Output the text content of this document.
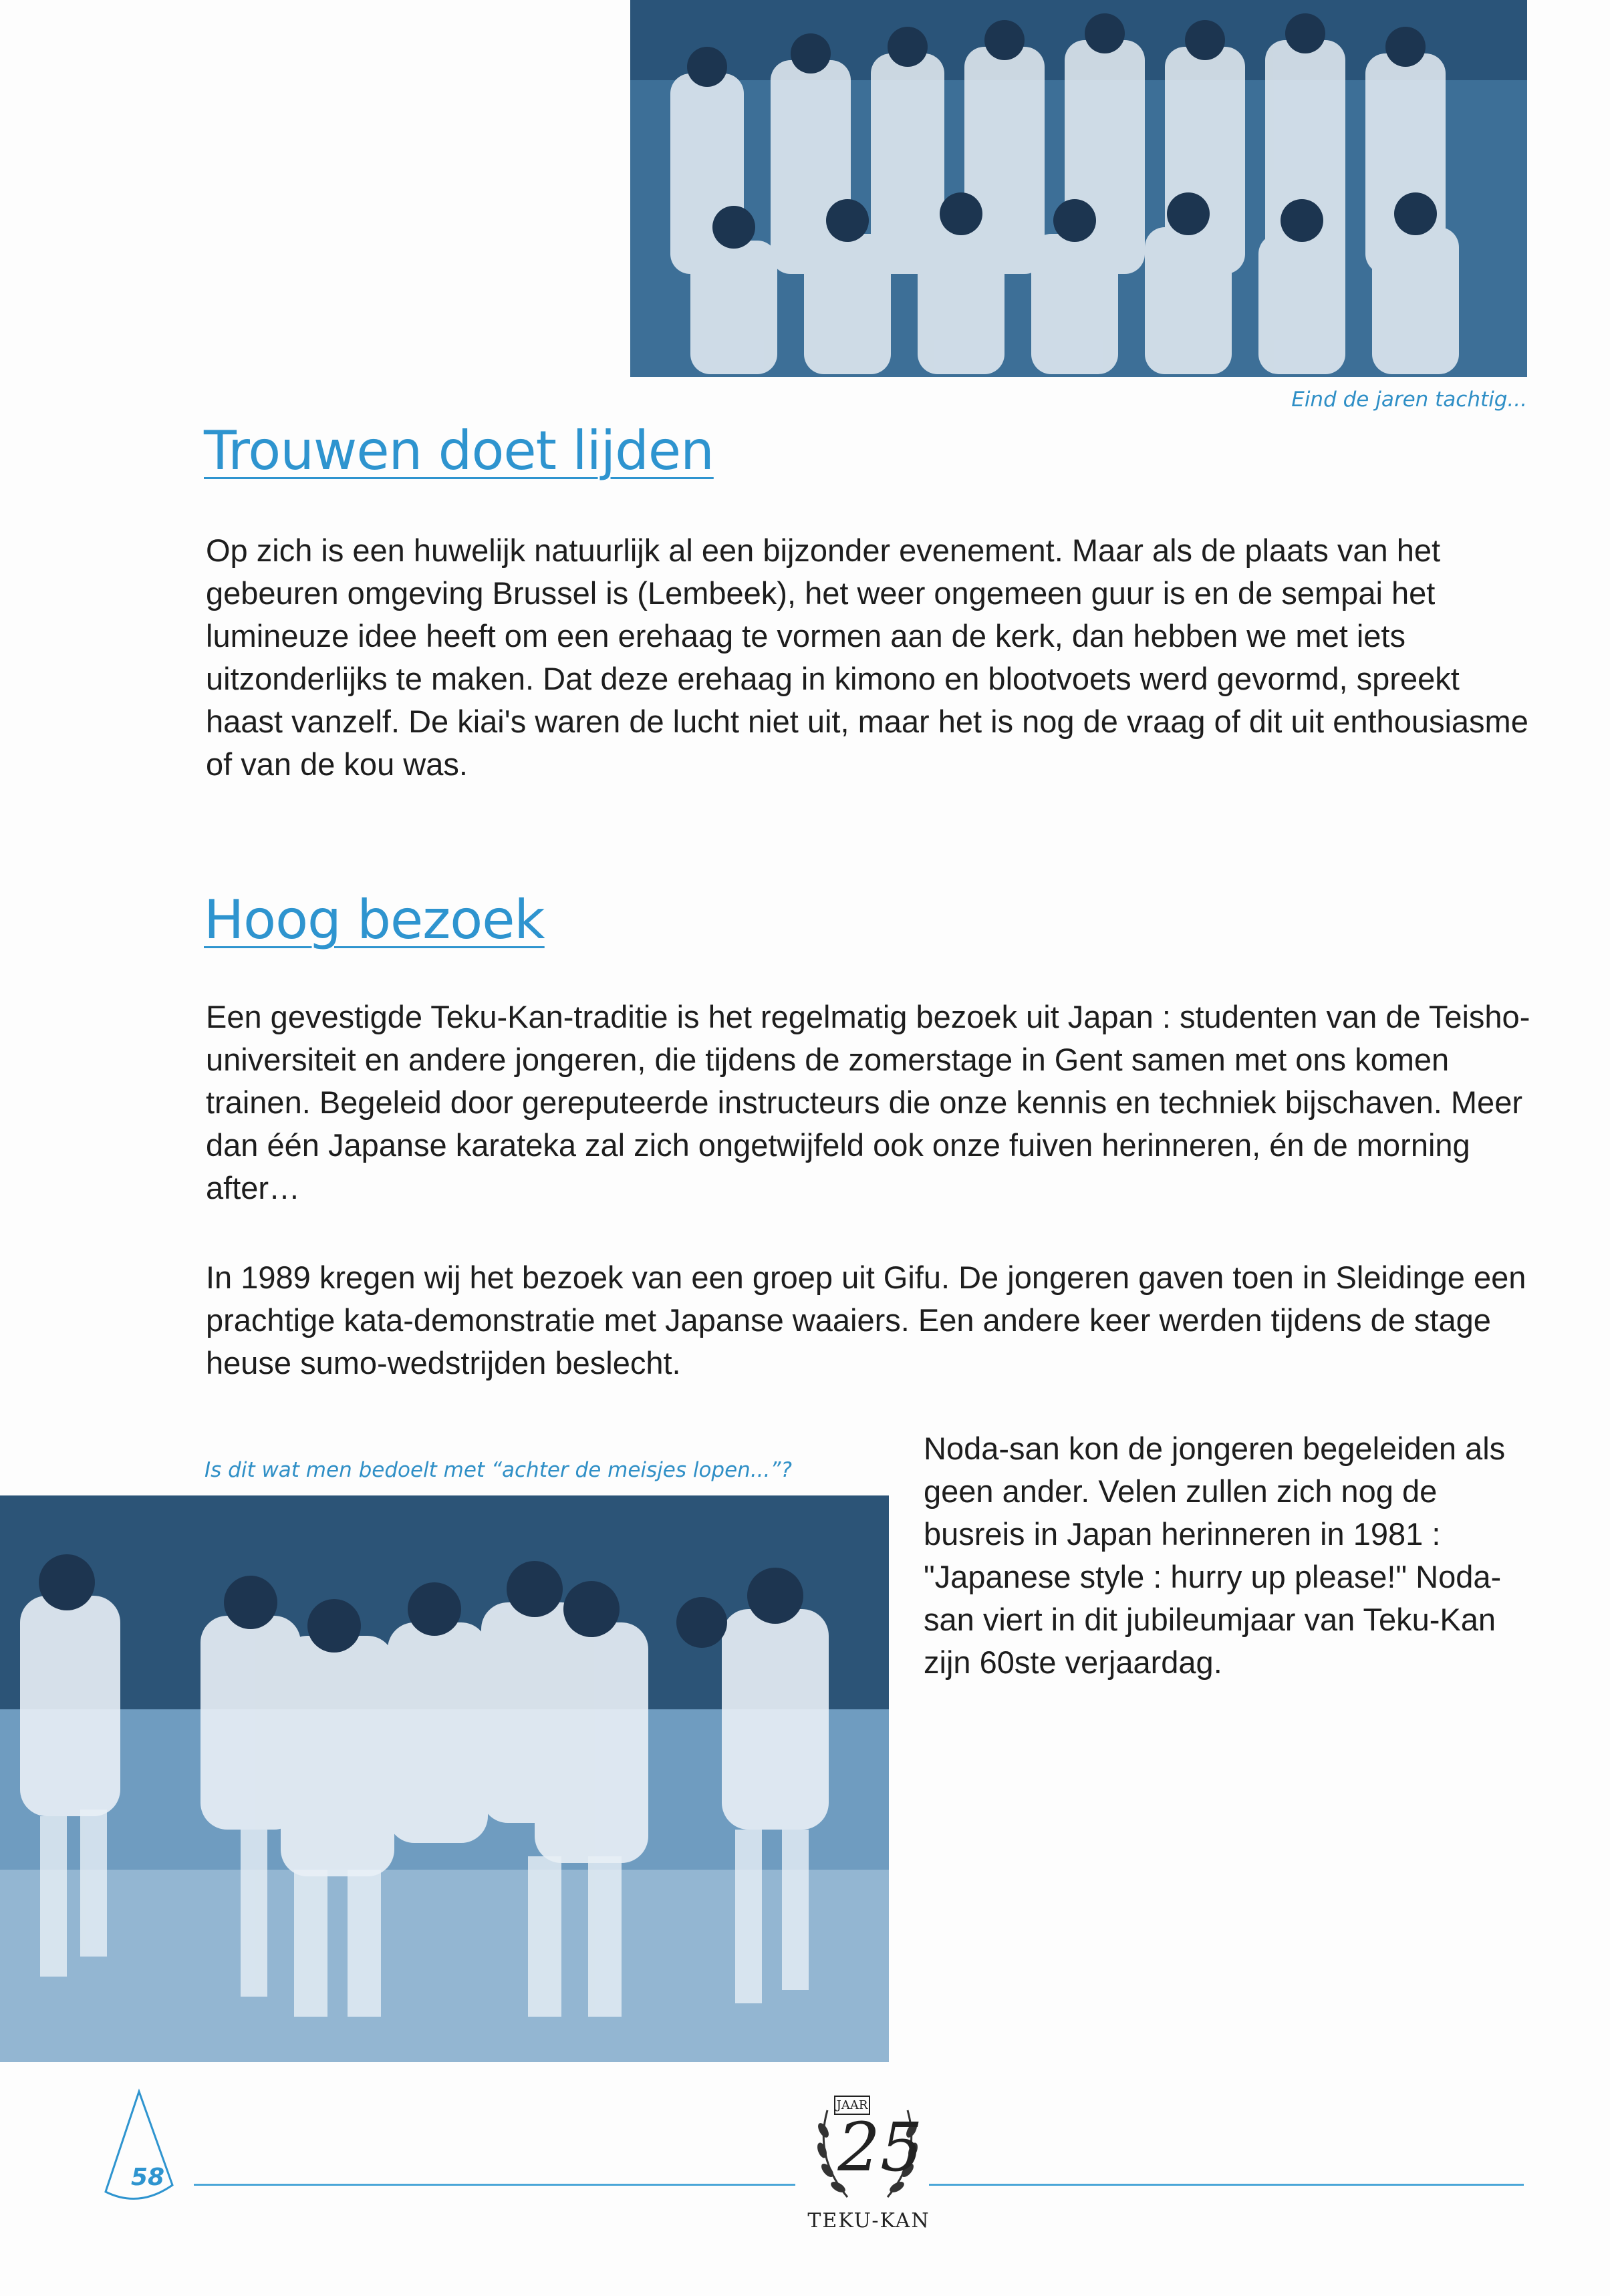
Eind de jaren tachtig...
Trouwen doet lijden

Op zich is een huwelijk natuurlijk al een bijzonder evenement. Maar als de plaats van het gebeuren omgeving Brussel is (Lembeek), het weer ongemeen guur is en de sempai het lumineuze idee heeft om een erehaag te vormen aan de kerk, dan hebben we met iets uitzonderlijks te maken. Dat deze erehaag in kimono en blootvoets werd gevormd, spreekt haast vanzelf. De kiai's waren de lucht niet uit, maar het is nog de vraag of dit uit enthousiasme of van de kou was.

Hoog bezoek

Een gevestigde Teku-Kan-traditie is het regelmatig bezoek uit Japan : studenten van de Teisho-universiteit en andere jongeren, die tijdens de zomerstage in Gent samen met ons komen trainen. Begeleid door gereputeerde instructeurs die onze kennis en techniek bijschaven. Meer dan één Japanse karateka zal zich ongetwijfeld ook onze fuiven herinneren, én de morning after…

In 1989 kregen wij het bezoek van een groep uit Gifu. De jongeren gaven toen in Sleidinge een prachtige kata-demonstratie met Japanse waaiers. Een andere keer werden tijdens de stage heuse sumo-wedstrijden beslecht.

Is dit wat men bedoelt met “achter de meisjes lopen...”?

Noda-san kon de jongeren begeleiden als geen ander. Velen zullen zich nog de busreis in Japan herinneren in 1981 : "Japanese style : hurry up please!" Noda-san viert in dit jubileumjaar van Teku-Kan zijn 60ste verjaardag.

58
JAAR
25
TEKU-KAN
